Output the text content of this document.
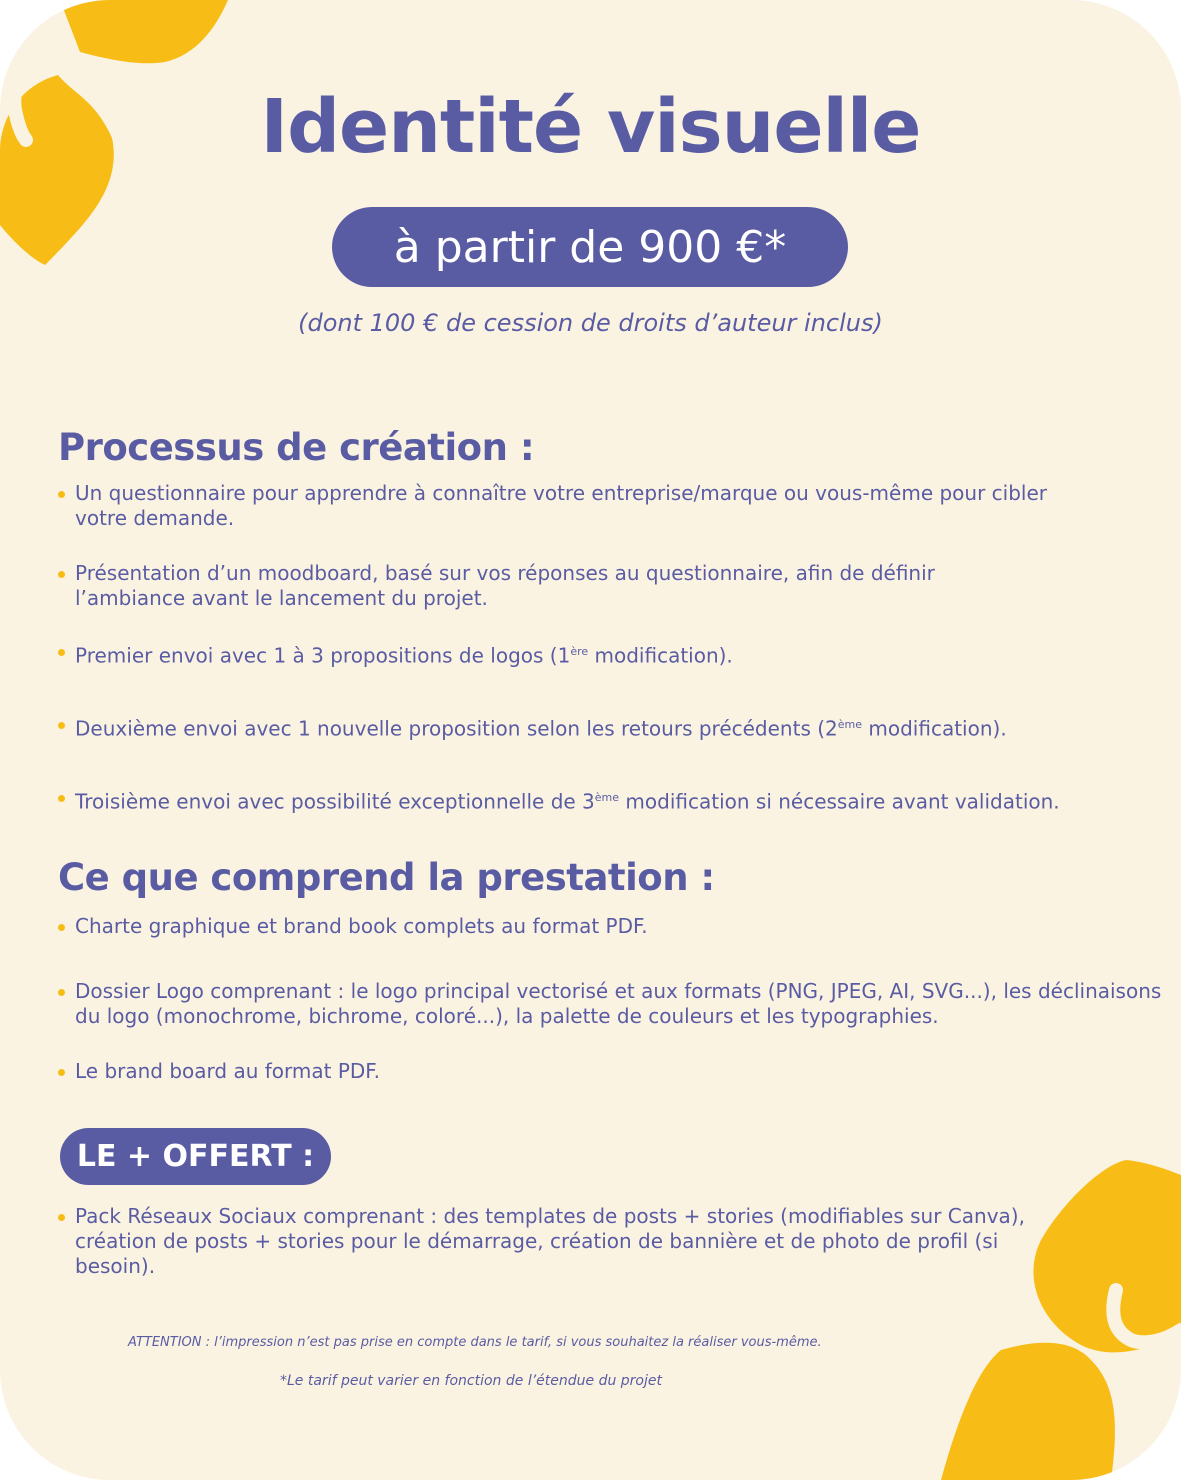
Identité visuelle
à partir de 900 €*

(dont 100 € de cession de droits d’auteur inclus)

Processus de création :
Un questionnaire pour apprendre à connaître votre entreprise/marque ou vous-même pour cibler votre demande.
Présentation d’un moodboard, basé sur vos réponses au questionnaire, afin de définir l’ambiance avant le lancement du projet.
Premier envoi avec 1 à 3 propositions de logos (1ère modification).
Deuxième envoi avec 1 nouvelle proposition selon les retours précédents (2ème modification).
Troisième envoi avec possibilité exceptionnelle de 3ème modification si nécessaire avant validation.
Ce que comprend la prestation :
Charte graphique et brand book complets au format PDF.
Dossier Logo comprenant : le logo principal vectorisé et aux formats (PNG, JPEG, AI, SVG...), les déclinaisons du logo (monochrome, bichrome, coloré...), la palette de couleurs et les typographies.
Le brand board au format PDF.
LE + OFFERT :
Pack Réseaux Sociaux comprenant : des templates de posts + stories (modifiables sur Canva), création de posts + stories pour le démarrage, création de bannière et de photo de profil (si besoin).

ATTENTION : l’impression n’est pas prise en compte dans le tarif, si vous souhaitez la réaliser vous-même.

*Le tarif peut varier en fonction de l’étendue du projet
